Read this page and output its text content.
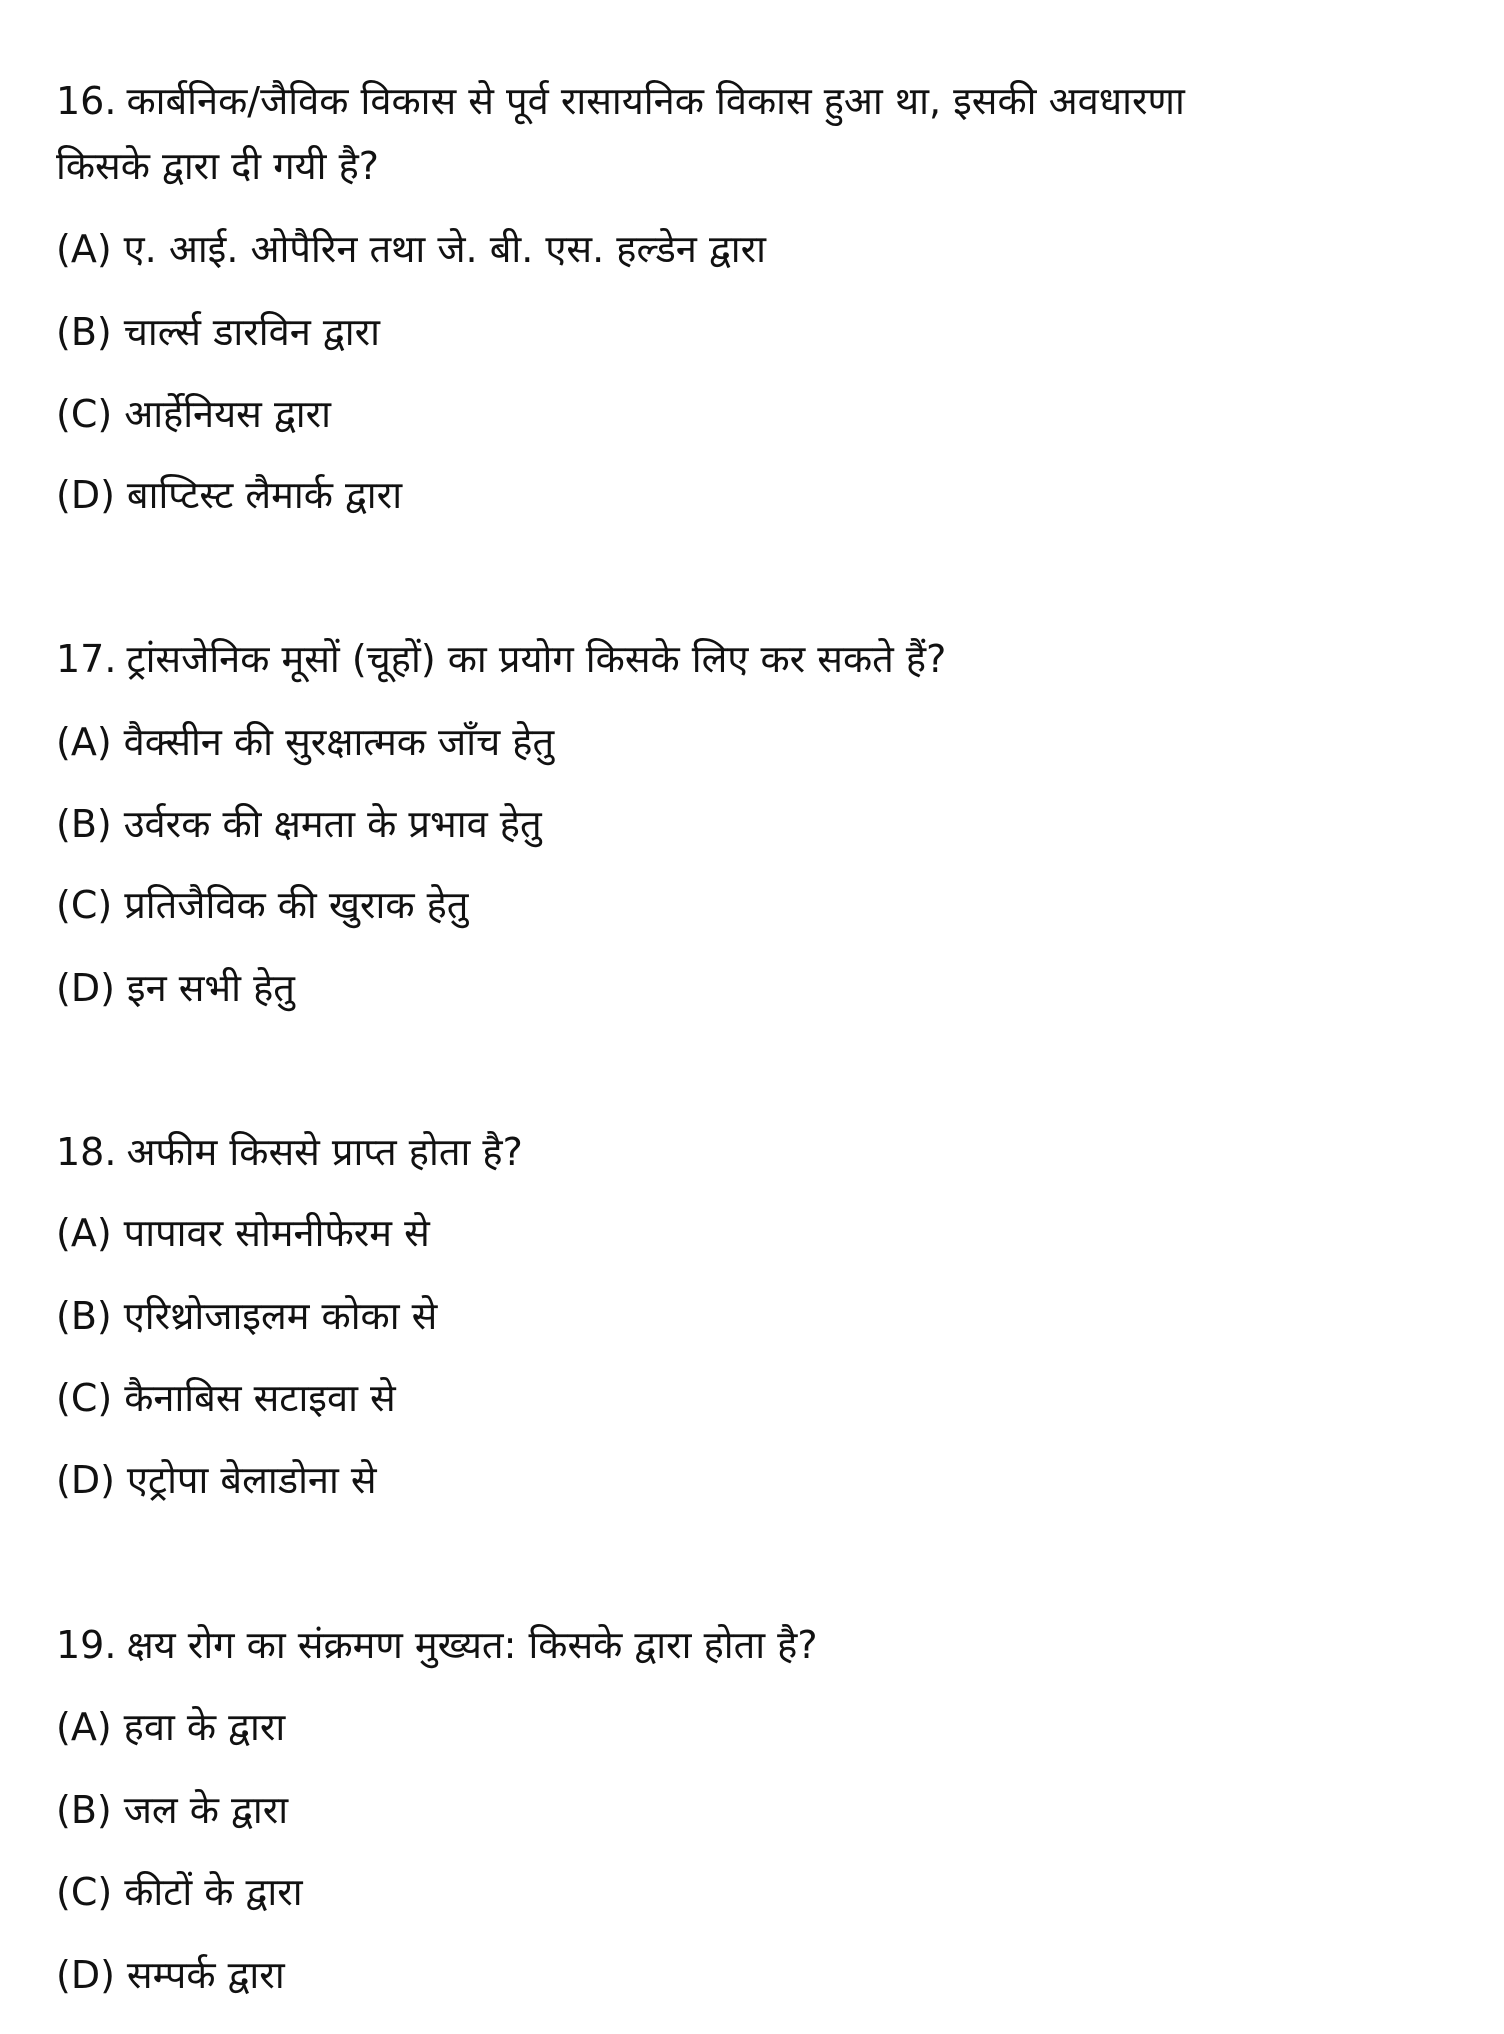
16. कार्बनिक/जैविक विकास से पूर्व रासायनिक विकास हुआ था, इसकी अवधारणा
किसके द्वारा दी गयी है?
(A) ए. आई. ओपैरिन तथा जे. बी. एस. हल्डेन द्वारा
(B) चार्ल्स डारविन द्वारा
(C) आर्हेनियस द्वारा
(D) बाप्टिस्ट लैमार्क द्वारा
17. ट्रांसजेनिक मूसों (चूहों) का प्रयोग किसके लिए कर सकते हैं?
(A) वैक्सीन की सुरक्षात्मक जाँच हेतु
(B) उर्वरक की क्षमता के प्रभाव हेतु
(C) प्रतिजैविक की खुराक हेतु
(D) इन सभी हेतु
18. अफीम किससे प्राप्त होता है?
(A) पापावर सोमनीफेरम से
(B) एरिथ्रोजाइलम कोका से
(C) कैनाबिस सटाइवा से
(D) एट्रोपा बेलाडोना से
19. क्षय रोग का संक्रमण मुख्यत: किसके द्वारा होता है?
(A) हवा के द्वारा
(B) जल के द्वारा
(C) कीटों के द्वारा
(D) सम्पर्क द्वारा
